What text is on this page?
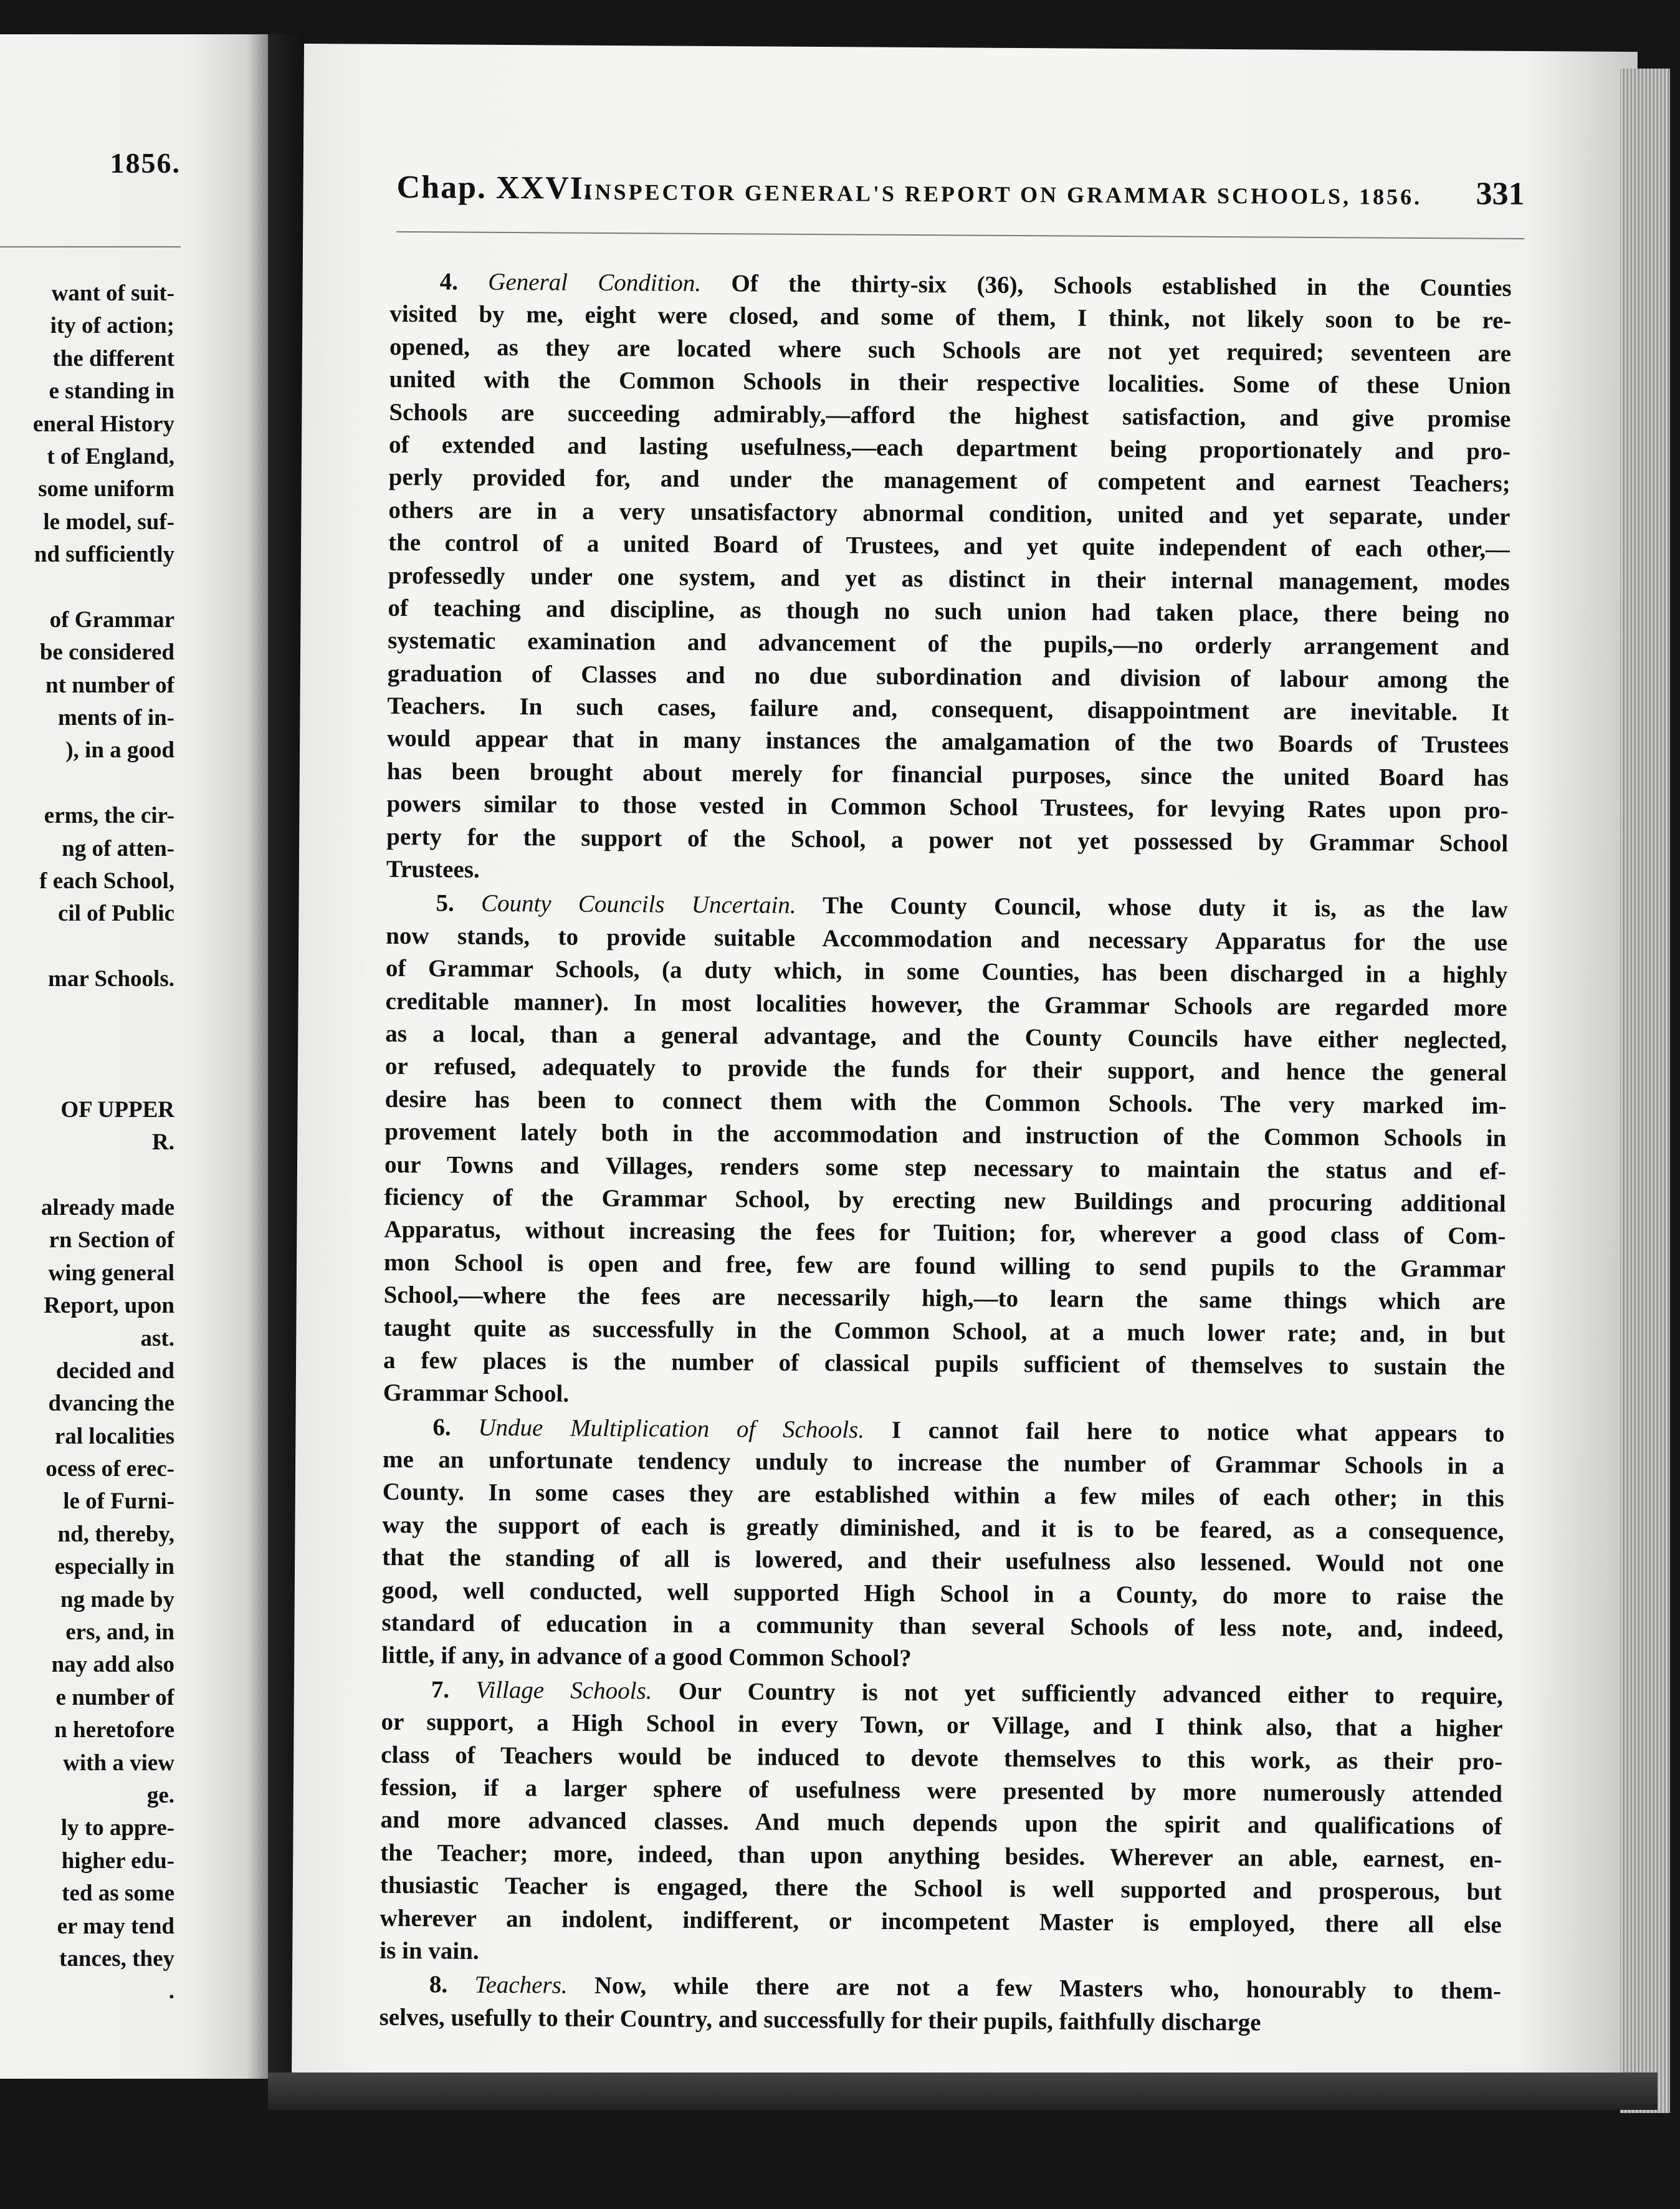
1856.
want of suit-
ity of action;
the different
e standing in
eneral History
t of England,
some uniform
le model, suf-
nd sufficiently
of Grammar
be considered
nt number of
ments of in-
), in a good
erms, the cir-
ng of atten-
f each School,
cil of Public
mar Schools.
OF UPPER
R.
already made
rn Section of
wing general
Report, upon
ast.
decided and
dvancing the
ral localities
ocess of erec-
le of Furni-
nd, thereby,
especially in
ng made by
ers, and, in
nay add also
e number of
n heretofore
with a view
ge.
ly to appre-
higher edu-
ted as some
er may tend
tances, they
.
Chap. XXVI.
INSPECTOR GENERAL'S REPORT ON GRAMMAR SCHOOLS, 1856. 331
4. General Condition. Of the thirty-six (36), Schools established in the Counties
visited by me, eight were closed, and some of them, I think, not likely soon to be re-
opened, as they are located where such Schools are not yet required; seventeen are
united with the Common Schools in their respective localities. Some of these Union
Schools are succeeding admirably,—afford the highest satisfaction, and give promise
of extended and lasting usefulness,—each department being proportionately and pro-
perly provided for, and under the management of competent and earnest Teachers;
others are in a very unsatisfactory abnormal condition, united and yet separate, under
the control of a united Board of Trustees, and yet quite independent of each other,—
professedly under one system, and yet as distinct in their internal management, modes
of teaching and discipline, as though no such union had taken place, there being no
systematic examination and advancement of the pupils,—no orderly arrangement and
graduation of Classes and no due subordination and division of labour among the
Teachers. In such cases, failure and, consequent, disappointment are inevitable. It
would appear that in many instances the amalgamation of the two Boards of Trustees
has been brought about merely for financial purposes, since the united Board has
powers similar to those vested in Common School Trustees, for levying Rates upon pro-
perty for the support of the School, a power not yet possessed by Grammar School
Trustees.
5. County Councils Uncertain. The County Council, whose duty it is, as the law
now stands, to provide suitable Accommodation and necessary Apparatus for the use
of Grammar Schools, (a duty which, in some Counties, has been discharged in a highly
creditable manner). In most localities however, the Grammar Schools are regarded more
as a local, than a general advantage, and the County Councils have either neglected,
or refused, adequately to provide the funds for their support, and hence the general
desire has been to connect them with the Common Schools. The very marked im-
provement lately both in the accommodation and instruction of the Common Schools in
our Towns and Villages, renders some step necessary to maintain the status and ef-
ficiency of the Grammar School, by erecting new Buildings and procuring additional
Apparatus, without increasing the fees for Tuition; for, wherever a good class of Com-
mon School is open and free, few are found willing to send pupils to the Grammar
School,—where the fees are necessarily high,—to learn the same things which are
taught quite as successfully in the Common School, at a much lower rate; and, in but
a few places is the number of classical pupils sufficient of themselves to sustain the
Grammar School.
6. Undue Multiplication of Schools. I cannot fail here to notice what appears to
me an unfortunate tendency unduly to increase the number of Grammar Schools in a
County. In some cases they are established within a few miles of each other; in this
way the support of each is greatly diminished, and it is to be feared, as a consequence,
that the standing of all is lowered, and their usefulness also lessened. Would not one
good, well conducted, well supported High School in a County, do more to raise the
standard of education in a community than several Schools of less note, and, indeed,
little, if any, in advance of a good Common School?
7. Village Schools. Our Country is not yet sufficiently advanced either to require,
or support, a High School in every Town, or Village, and I think also, that a higher
class of Teachers would be induced to devote themselves to this work, as their pro-
fession, if a larger sphere of usefulness were presented by more numerously attended
and more advanced classes. And much depends upon the spirit and qualifications of
the Teacher; more, indeed, than upon anything besides. Wherever an able, earnest, en-
thusiastic Teacher is engaged, there the School is well supported and prosperous, but
wherever an indolent, indifferent, or incompetent Master is employed, there all else
is in vain.
8. Teachers. Now, while there are not a few Masters who, honourably to them-
selves, usefully to their Country, and successfully for their pupils, faithfully discharge
